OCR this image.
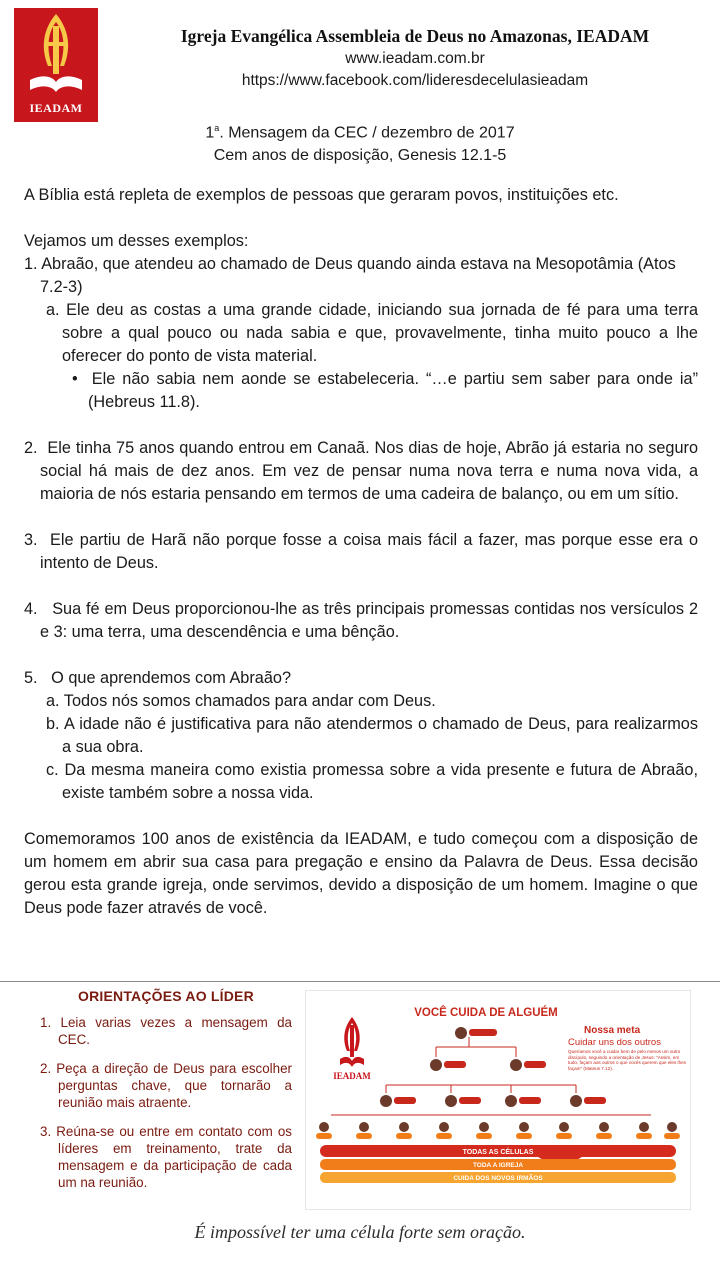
IEADAM
Igreja Evangélica Assembleia de Deus no Amazonas, IEADAM
www.ieadam.com.br
https://www.facebook.com/lideresdecelulasieadam
1$^a$. Mensagem da CEC / dezembro de 2017
Cem anos de disposição, Genesis 12.1-5

A Bíblia está repleta de exemplos de pessoas que geraram povos, instituições etc.

Vejamos um desses exemplos:

1. Abraão, que atendeu ao chamado de Deus quando ainda estava na Mesopotâmia (Atos 7.2-3)

a. Ele deu as costas a uma grande cidade, iniciando sua jornada de fé para uma terra sobre a qual pouco ou nada sabia e que, provavelmente, tinha muito pouco a lhe oferecer do ponto de vista material.

•  Ele não sabia nem aonde se estabeleceria. “…e partiu sem saber para onde ia” (Hebreus 11.8).

2.  Ele tinha 75 anos quando entrou em Canaã. Nos dias de hoje, Abrão já estaria no seguro social há mais de dez anos. Em vez de pensar numa nova terra e numa nova vida, a maioria de nós estaria pensando em termos de uma cadeira de balanço, ou em um sítio.

3.  Ele partiu de Harã não porque fosse a coisa mais fácil a fazer, mas porque esse era o intento de Deus.

4.   Sua fé em Deus proporcionou-lhe as três principais promessas contidas nos versículos 2 e 3: uma terra, uma descendência e uma bênção.

5.   O que aprendemos com Abraão?

a. Todos nós somos chamados para andar com Deus.

b. A idade não é justificativa para não atendermos o chamado de Deus, para realizarmos a sua obra.

c. Da mesma maneira como existia promessa sobre a vida presente e futura de Abraão, existe também sobre a nossa vida.

Comemoramos 100 anos de existência da IEADAM, e tudo começou com a disposição de um homem em abrir sua casa para pregação e ensino da Palavra de Deus. Essa decisão gerou esta grande igreja, onde servimos, devido a disposição de um homem. Imagine o que Deus pode fazer através de você.

ORIENTAÇÕES AO LÍDER
1. Leia varias vezes a mensagem da CEC.
2. Peça a direção de Deus para escolher perguntas chave, que tornarão a reunião mais atraente.
3. Reúna-se ou entre em contato com os líderes em treinamento, trate da mensagem e da participação de cada um na reunião.
VOCÊ CUIDA DE ALGUÉM
IEADAM
Nossa meta
Cuidar uns dos outros
Queríamos você a cuidar bem de pelo menos um outro discípulo, seguindo a orientação de Jesus: "Assim, em tudo, façam aos outros o que vocês querem que eles lhes façam" (Mateus 7.12).
TODAS AS CÉLULAS
TODA A IGREJA
CUIDA DOS NOVOS IRMÃOS
É impossível ter uma célula forte sem oração.
